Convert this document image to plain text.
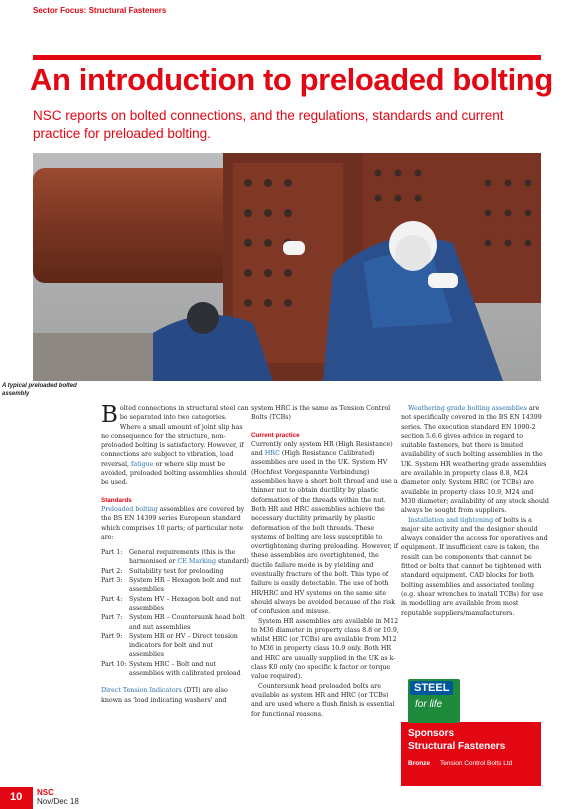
Sector Focus: Structural Fasteners
An introduction to preloaded bolting

NSC reports on bolted connections, and the regulations, standards and current practice for preloaded bolting.

A typical preloaded bolted assembly

Bolted connections in structural steel can be separated into two categories. Where a small amount of joint slip has no consequence for the structure, non-preloaded bolting is satisfactory. However, if connections are subject to vibration, load reversal, fatigue or where slip must be avoided, preloaded bolting assemblies should be used.

Standards

Preloaded bolting assemblies are covered by the BS EN 14399 series European standard which comprises 10 parts; of particular note are:

Part 1:	General requirements (this is the harmonised or CE Marking standard)
Part 2:	Suitability test for preloading
Part 3:	System HR – Hexagon bolt and nut assemblies
Part 4:	System HV – Hexagon bolt and nut assemblies
Part 7:	System HR – Countersunk head bolt and nut assemblies
Part 9:	System HR or HV – Direct tension indicators for bolt and nut assemblies
Part 10: System HRC – Bolt and nut assemblies with calibrated preload

Direct Tension Indicators (DTI) are also known as 'load indicating washers' and

system HRC is the same as Tension Control Bolts (TCBs)

Current practice

Currently only system HR (High Resistance) and HRC (High Resistance Calibrated) assemblies are used in the UK. System HV (Hochfest Vorgespannte Verbindung) assemblies have a short bolt thread and use a thinner nut to obtain ductility by plastic deformation of the threads within the nut. Both HR and HRC assemblies achieve the necessary ductility primarily by plastic deformation of the bolt threads. These systems of bolting are less susceptible to overtightening during preloading. However, if these assemblies are overtightened, the ductile failure mode is by yielding and eventually fracture of the bolt. This type of failure is easily detectable. The use of both HR/HRC and HV systems on the same site should always be avoided because of the risk of confusion and misuse.

System HR assemblies are available in M12 to M36 diameter in property class 8.8 or 10.9, whilst HRC (or TCBs) are available from M12 to M36 in property class 10.9 only. Both HR and HRC are usually supplied in the UK as k-class K0 only (no specific k factor or torque value required).

Countersunk head preloaded bolts are available as system HR and HRC (or TCBs) and are used where a flush finish is essential for functional reasons.

Weathering grade bolting assemblies are not specifically covered in the BS EN 14399 series. The execution standard EN 1090-2 section 5.6.6 gives advice in regard to suitable fasteners, but there is limited availability of such bolting assemblies in the UK. System HR weathering grade assemblies are available in property class 8.8, M24 diameter only. System HRC (or TCBs) are available in property class 10.9, M24 and M30 diameter; availability of any stock should always be sought from suppliers.

Installation and tightening of bolts is a major site activity and the designer should always consider the access for operatives and equipment. If insufficient care is taken, the result can be components that cannot be fitted or bolts that cannot be tightened with standard equipment. CAD blocks for both bolting assemblies and associated tooling (e.g. shear wrenches to install TCBs) for use in modelling are available from most reputable suppliers/manufacturers.

STEEL
for life
Sponsors
Structural Fasteners
Bronze Tension Control Bolts Ltd
10 NSC
Nov/Dec 18
